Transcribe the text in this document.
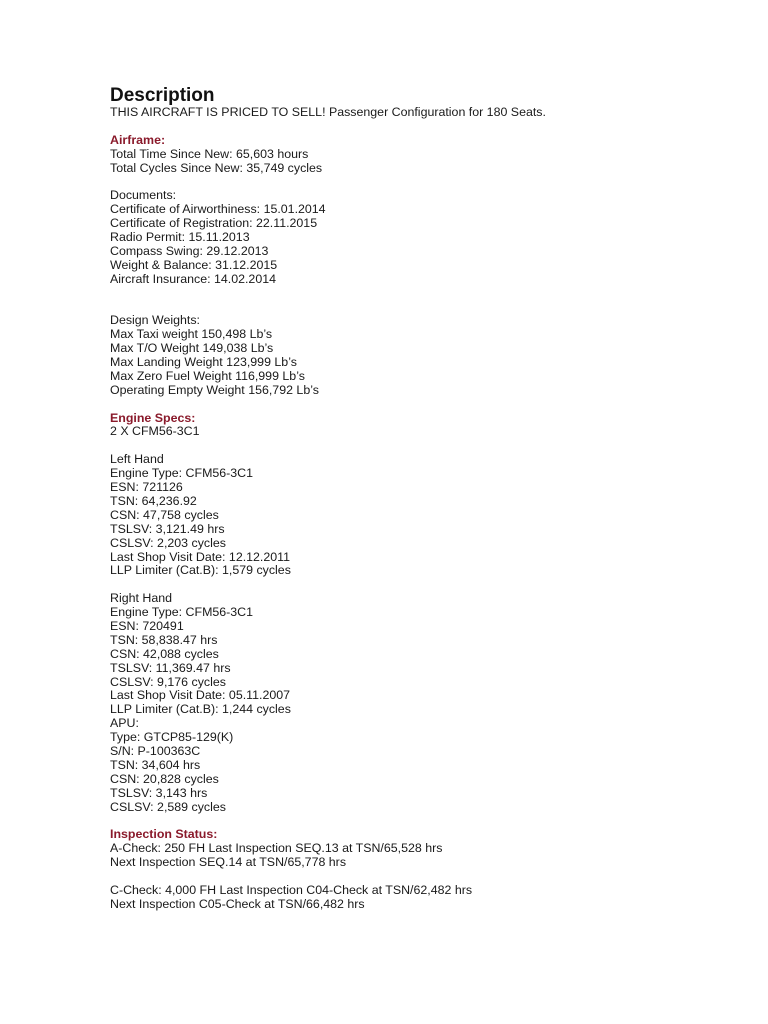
Description
THIS AIRCRAFT IS PRICED TO SELL! Passenger Configuration for 180 Seats.
Airframe:
Total Time Since New: 65,603 hours
Total Cycles Since New: 35,749 cycles
Documents:
Certificate of Airworthiness: 15.01.2014
Certificate of Registration: 22.11.2015
Radio Permit: 15.11.2013
Compass Swing: 29.12.2013
Weight & Balance: 31.12.2015
Aircraft Insurance: 14.02.2014
Design Weights:
Max Taxi weight 150,498 Lb’s
Max T/O Weight 149,038 Lb’s
Max Landing Weight 123,999 Lb’s
Max Zero Fuel Weight 116,999 Lb’s
Operating Empty Weight 156,792 Lb’s
Engine Specs:
2 X CFM56-3C1
Left Hand
Engine Type: CFM56-3C1
ESN: 721126
TSN: 64,236.92
CSN: 47,758 cycles
TSLSV: 3,121.49 hrs
CSLSV: 2,203 cycles
Last Shop Visit Date: 12.12.2011
LLP Limiter (Cat.B): 1,579 cycles
Right Hand
Engine Type: CFM56-3C1
ESN: 720491
TSN: 58,838.47 hrs
CSN: 42,088 cycles
TSLSV: 11,369.47 hrs
CSLSV: 9,176 cycles
Last Shop Visit Date: 05.11.2007
LLP Limiter (Cat.B): 1,244 cycles
APU:
Type: GTCP85-129(K)
S/N: P-100363C
TSN: 34,604 hrs
CSN: 20,828 cycles
TSLSV: 3,143 hrs
CSLSV: 2,589 cycles
Inspection Status:
A-Check: 250 FH Last Inspection SEQ.13 at TSN/65,528 hrs
Next Inspection SEQ.14 at TSN/65,778 hrs
C-Check: 4,000 FH Last Inspection C04-Check at TSN/62,482 hrs
Next Inspection C05-Check at TSN/66,482 hrs
